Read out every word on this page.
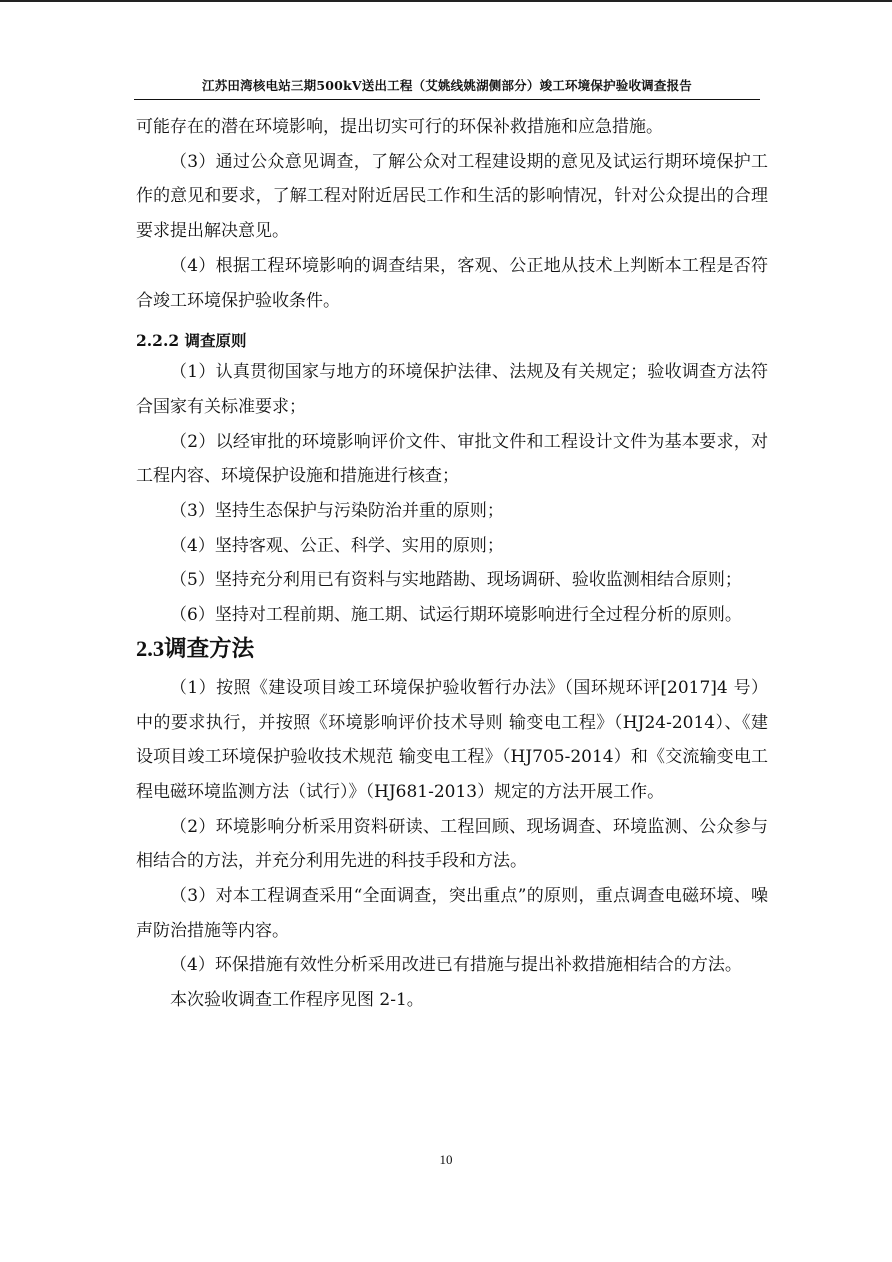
江苏田湾核电站三期500kV送出工程（艾姚线姚湖侧部分）竣工环境保护验收调查报告

可能存在的潜在环境影响，提出切实可行的环保补救措施和应急措施。

（3）通过公众意见调查，了解公众对工程建设期的意见及试运行期环境保护工作的意见和要求，了解工程对附近居民工作和生活的影响情况，针对公众提出的合理要求提出解决意见。

（4）根据工程环境影响的调查结果，客观、公正地从技术上判断本工程是否符合竣工环境保护验收条件。

2.2.2 调查原则

（1）认真贯彻国家与地方的环境保护法律、法规及有关规定；验收调查方法符合国家有关标准要求；

（2）以经审批的环境影响评价文件、审批文件和工程设计文件为基本要求，对工程内容、环境保护设施和措施进行核查；

（3）坚持生态保护与污染防治并重的原则；

（4）坚持客观、公正、科学、实用的原则；

（5）坚持充分利用已有资料与实地踏勘、现场调研、验收监测相结合原则；

（6）坚持对工程前期、施工期、试运行期环境影响进行全过程分析的原则。

2.3调查方法

（1）按照《建设项目竣工环境保护验收暂行办法》（国环规环评[2017]4 号）中的要求执行，并按照《环境影响评价技术导则 输变电工程》（HJ24-2014）、《建设项目竣工环境保护验收技术规范 输变电工程》（HJ705-2014）和《交流输变电工程电磁环境监测方法（试行）》（HJ681-2013）规定的方法开展工作。

（2）环境影响分析采用资料研读、工程回顾、现场调查、环境监测、公众参与相结合的方法，并充分利用先进的科技手段和方法。

（3）对本工程调查采用“全面调查，突出重点”的原则，重点调查电磁环境、噪声防治措施等内容。

（4）环保措施有效性分析采用改进已有措施与提出补救措施相结合的方法。

本次验收调查工作程序见图 2-1。

10
